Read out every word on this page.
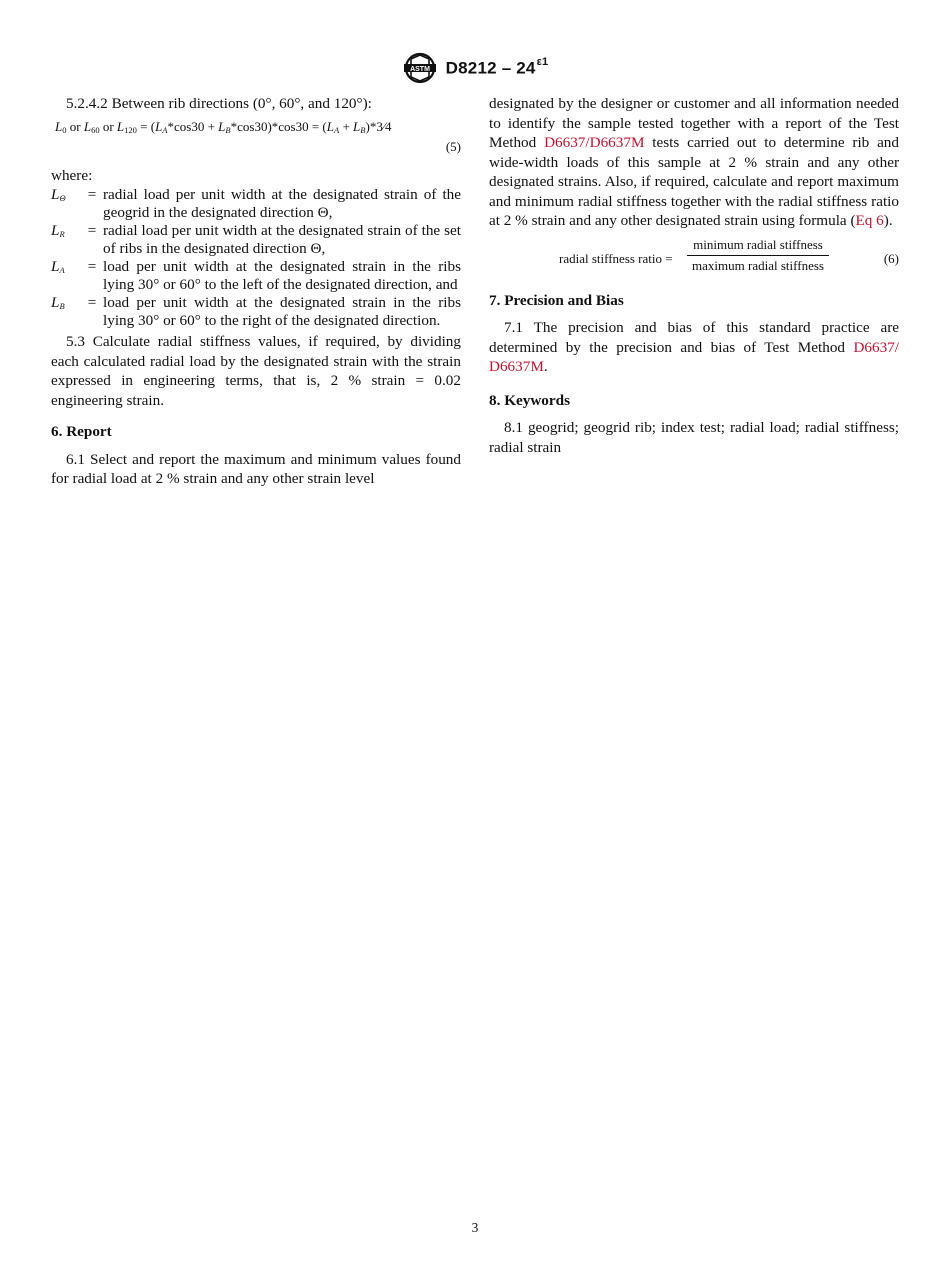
ASTM $D8212 - 24^{\varepsilon 1}$

5.2.4.2 Between rib directions (0°, 60°, and 120°):

$L_0$ or $L_{60}$ or $L_{120} = (L_A*\cos 30 + L_B*\cos 30)*\cos 30 = (L_A$ + $L_B)*3⁄4$
(5)

where:

$L_\Theta$	=	radial load per unit width at the designated strain of the geogrid in the designated direction Θ,
$L_R$	=	radial load per unit width at the designated strain of the set of ribs in the designated direction Θ,
$L_A$	=	load per unit width at the designated strain in the ribs lying 30° or 60° to the left of the designated direction, and
$L_B$	=	load per unit width at the designated strain in the ribs lying 30° or 60° to the right of the designated direction.

5.3 Calculate radial stiffness values, if required, by dividing each calculated radial load by the designated strain with the strain expressed in engineering terms, that is, 2 % strain = 0.02 engineering strain.

6. Report

6.1 Select and report the maximum and minimum values found for radial load at 2 % strain and any other strain level

designated by the designer or customer and all information needed to identify the sample tested together with a report of the Test Method D6637/D6637M tests carried out to determine rib and wide-width loads of this sample at 2 % strain and any other designated strains. Also, if required, calculate and report maximum and minimum radial stiffness together with the radial stiffness ratio at 2 % strain and any other designated strain using formula (Eq 6).

radial stiffness ratio =
minimum radial stiffness
maximum radial stiffness	(6)
7. Precision and Bias

7.1 The precision and bias of this standard practice are determined by the precision and bias of Test Method D6637/ D6637M.

8. Keywords

8.1 geogrid; geogrid rib; index test; radial load; radial stiffness; radial strain

3
